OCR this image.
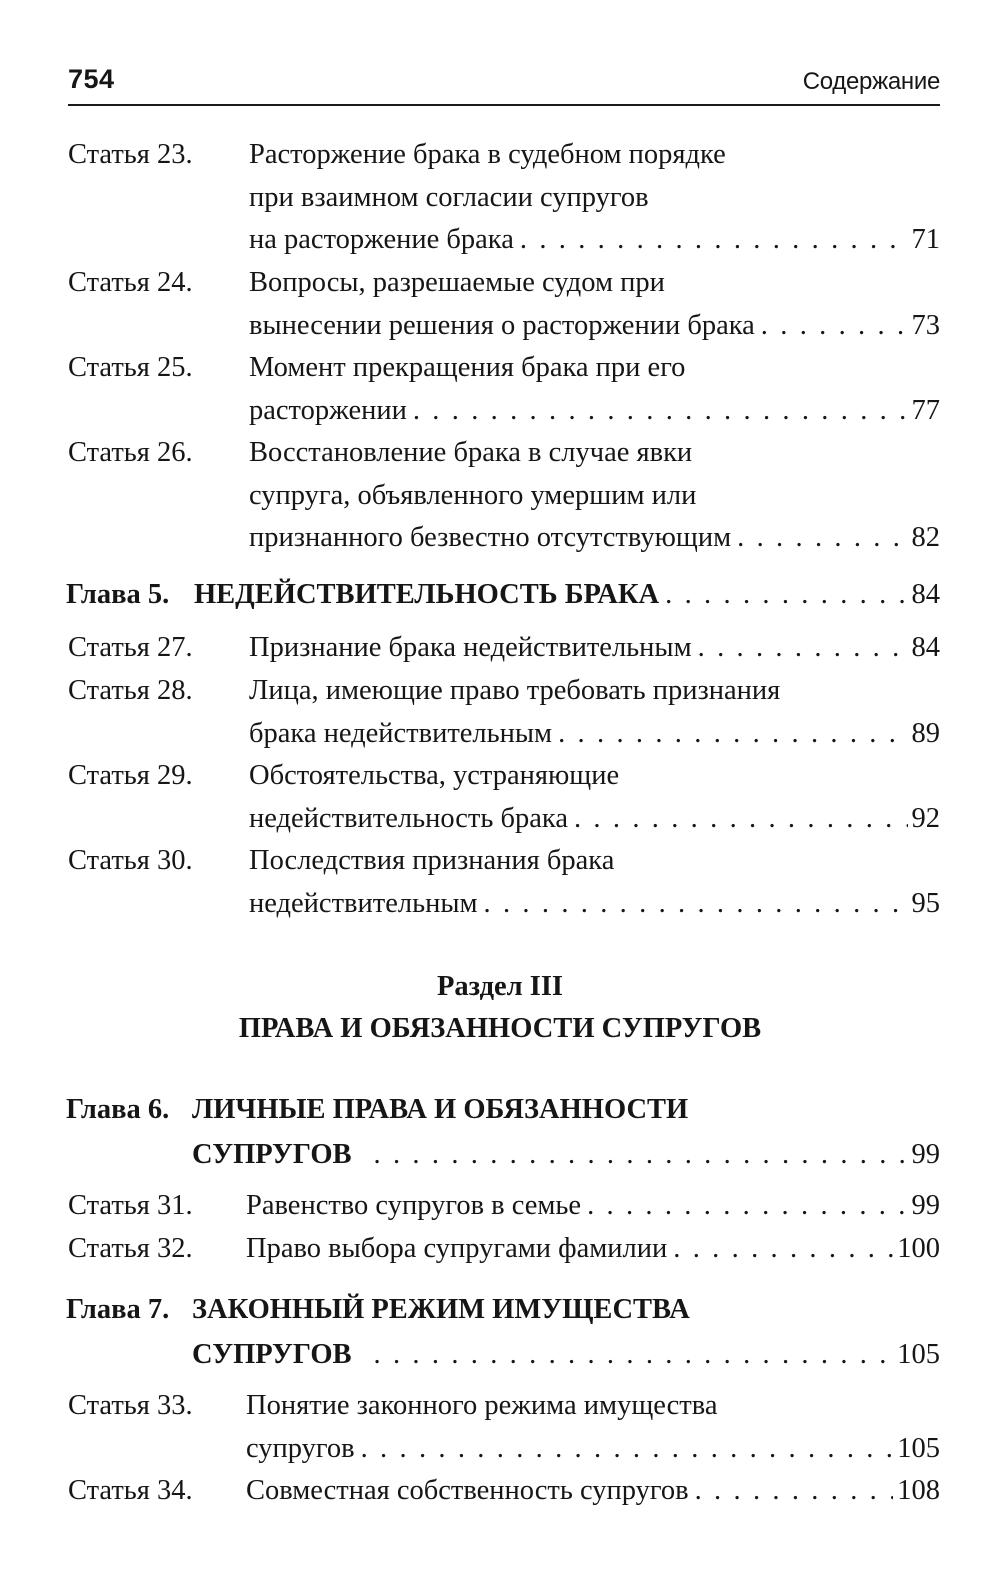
754	Содержание
Статья 23. Расторжение брака в судебном порядке
при взаимном согласии супругов
на расторжение брака . . .	71
Статья 24. Вопросы, разрешаемые судом при
вынесении решения о расторжении брака . . .	73
Статья 25. Момент прекращения брака при его
расторжении . . .	77
Статья 26. Восстановление брака в случае явки
супруга, объявленного умершим или
признанного безвестно отсутствующим . . .	82
Глава 5. НЕДЕЙСТВИТЕЛЬНОСТЬ БРАКА . . .	84
Статья 27. Признание брака недействительным . . .	84
Статья 28. Лица, имеющие право требовать признания
брака недействительным . . .	89
Статья 29. Обстоятельства, устраняющие
недействительность брака . . .	92
Статья 30. Последствия признания брака
недействительным . . .	95
Раздел III
ПРАВА И ОБЯЗАННОСТИ СУПРУГОВ
Глава 6. ЛИЧНЫЕ ПРАВА И ОБЯЗАННОСТИ
СУПРУГОВ . . .	99
Статья 31. Равенство супругов в семье . . .	99
Статья 32. Право выбора супругами фамилии . . .	100
Глава 7. ЗАКОННЫЙ РЕЖИМ ИМУЩЕСТВА
СУПРУГОВ . . .	105
Статья 33. Понятие законного режима имущества
супругов . . .	105
Статья 34. Совместная собственность супругов . . .	108
